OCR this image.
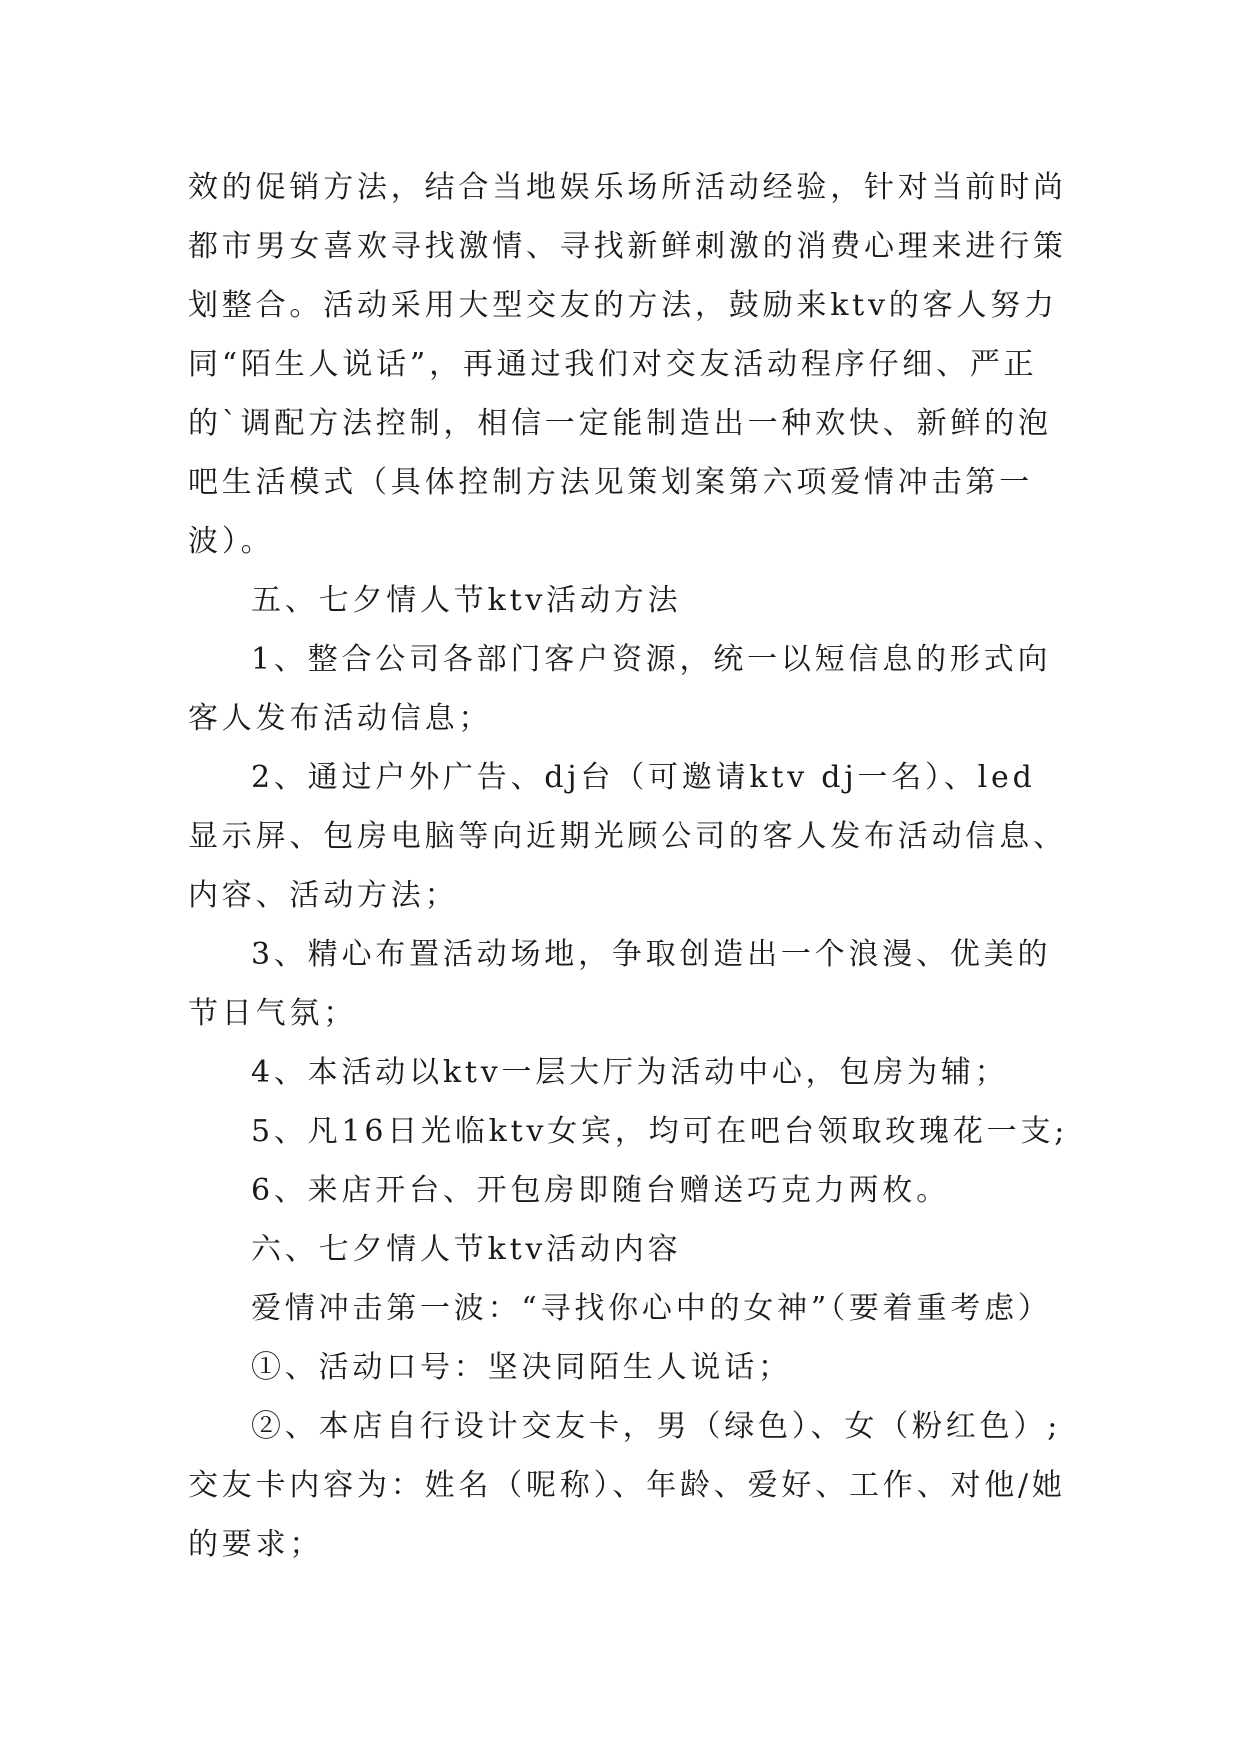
效的促销方法，结合当地娱乐场所活动经验，针对当前时尚
都市男女喜欢寻找激情、寻找新鲜刺激的消费心理来进行策
划整合。活动采用大型交友的方法，鼓励来ktv的客人努力
同“陌生人说话”，再通过我们对交友活动程序仔细、严正
的`调配方法控制，相信一定能制造出一种欢快、新鲜的泡
吧生活模式（具体控制方法见策划案第六项爱情冲击第一
波）。
五、七夕情人节ktv活动方法
1、整合公司各部门客户资源，统一以短信息的形式向
客人发布活动信息；
2、通过户外广告、dj台（可邀请ktv dj一名）、led
显示屏、包房电脑等向近期光顾公司的客人发布活动信息、
内容、活动方法；
3、精心布置活动场地，争取创造出一个浪漫、优美的
节日气氛；
4、本活动以ktv一层大厅为活动中心，包房为辅；
5、凡16日光临ktv女宾，均可在吧台领取玫瑰花一支;
6、来店开台、开包房即随台赠送巧克力两枚。
六、七夕情人节ktv活动内容
爱情冲击第一波：“寻找你心中的女神”（要着重考虑）
①、活动口号：坚决同陌生人说话；
②、本店自行设计交友卡，男（绿色）、女（粉红色）;
交友卡内容为：姓名（呢称）、年龄、爱好、工作、对他/她
的要求；
